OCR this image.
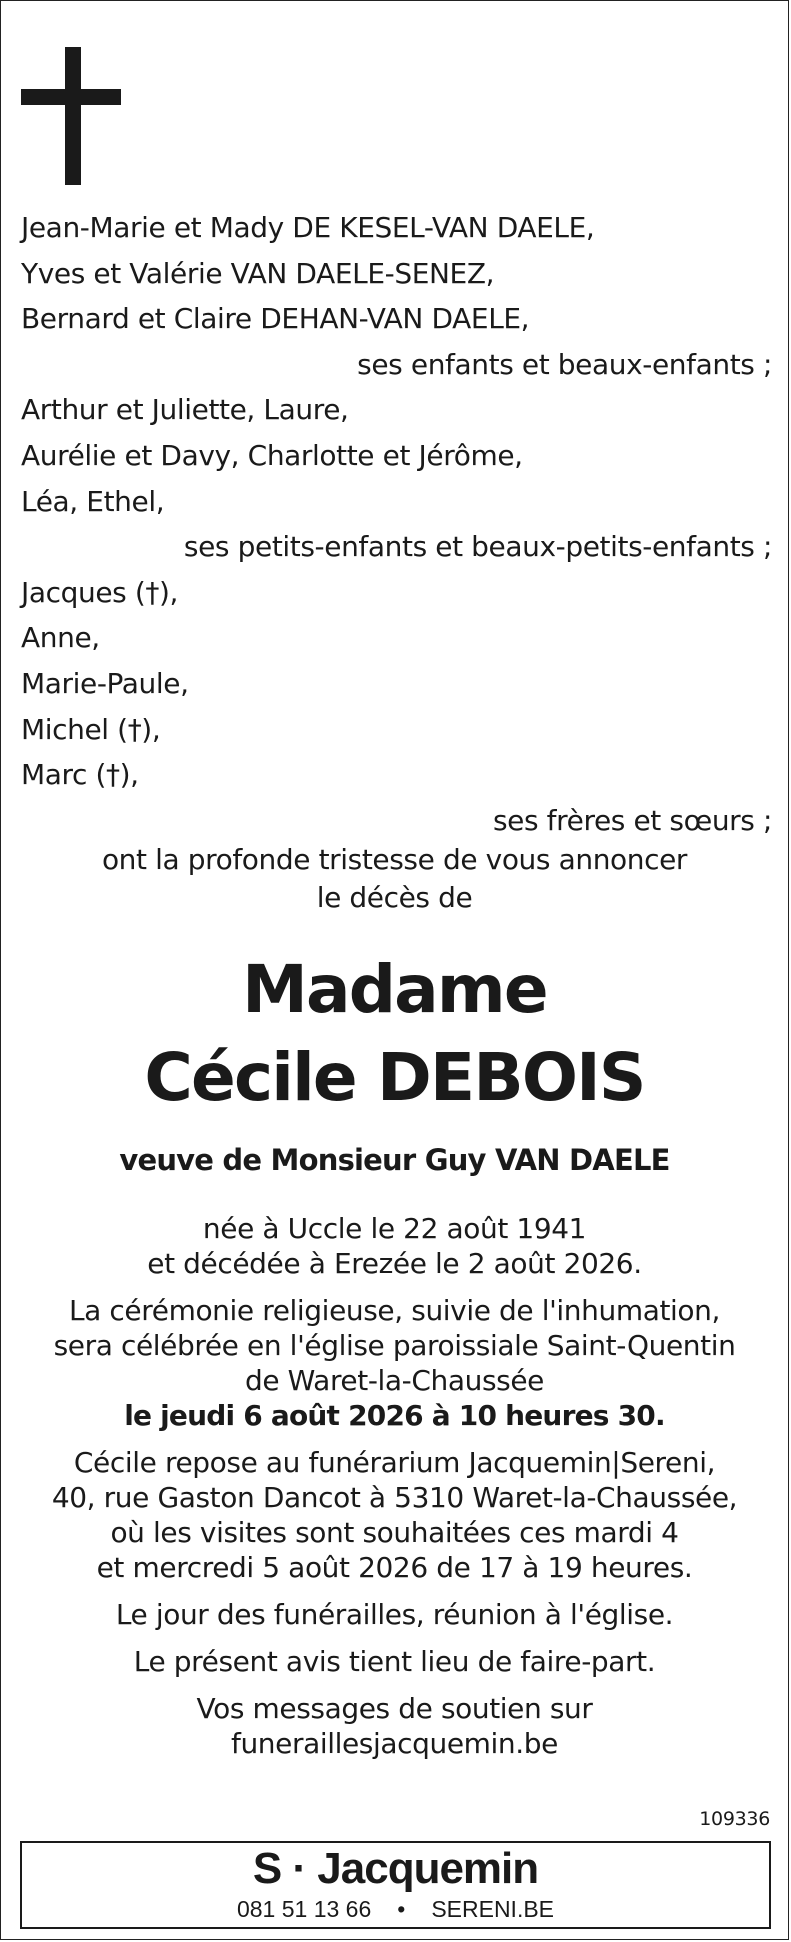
Jean-Marie et Mady DE KESEL-VAN DAELE,
Yves et Valérie VAN DAELE-SENEZ,
Bernard et Claire DEHAN-VAN DAELE,
ses enfants et beaux-enfants ;
Arthur et Juliette, Laure,
Aurélie et Davy, Charlotte et Jérôme,
Léa, Ethel,
ses petits-enfants et beaux-petits-enfants ;
Jacques (†),
Anne,
Marie-Paule,
Michel (†),
Marc (†),
ses frères et sœurs ;
ont la profonde tristesse de vous annoncer
le décès de
Madame
Cécile DEBOIS
veuve de Monsieur Guy VAN DAELE
née à Uccle le 22 août 1941
et décédée à Erezée le 2 août 2026.
La cérémonie religieuse, suivie de l'inhumation,
sera célébrée en l'église paroissiale Saint-Quentin
de Waret-la-Chaussée
le jeudi 6 août 2026 à 10 heures 30.
Cécile repose au funérarium Jacquemin|Sereni,
40, rue Gaston Dancot à 5310 Waret-la-Chaussée,
où les visites sont souhaitées ces mardi 4
et mercredi 5 août 2026 de 17 à 19 heures.
Le jour des funérailles, réunion à l'église.
Le présent avis tient lieu de faire-part.
Vos messages de soutien sur
funeraillesjacquemin.be
109336
S · Jacquemin
081 51 13 66 • SERENI.BE
